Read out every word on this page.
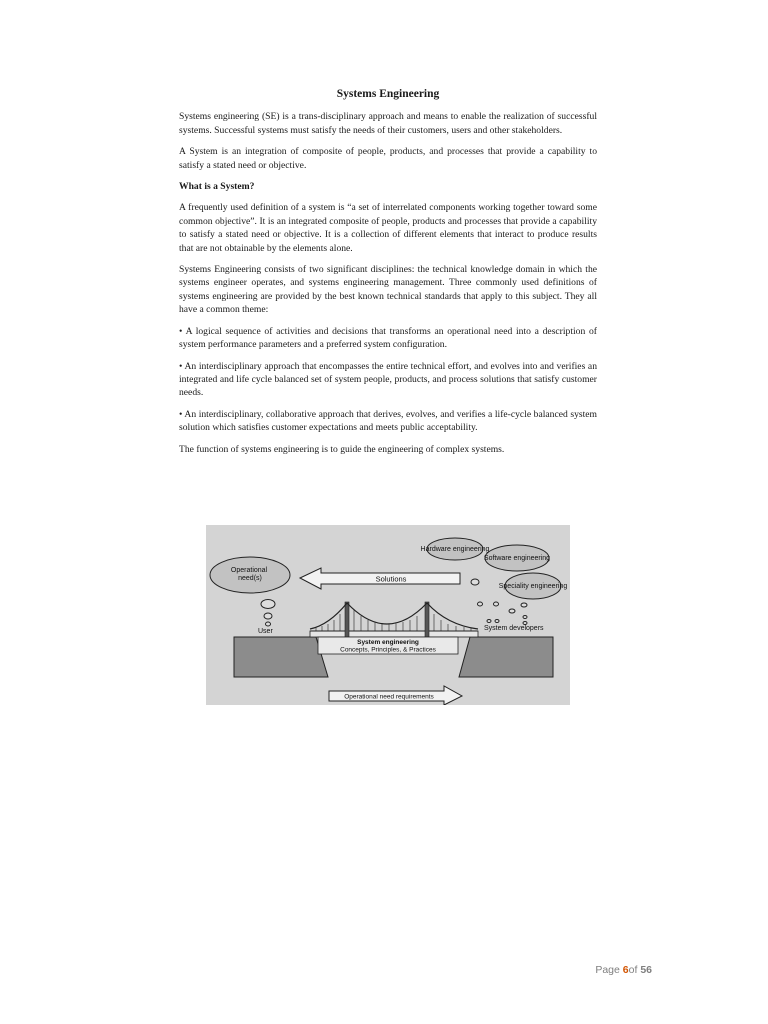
Systems Engineering

Systems engineering (SE) is a trans-disciplinary approach and means to enable the realization of successful systems. Successful systems must satisfy the needs of their customers, users and other stakeholders.

A System is an integration of composite of people, products, and processes that provide a capability to satisfy a stated need or objective.

What is a System?

A frequently used definition of a system is “a set of interrelated components working together toward some common objective”. It is an integrated composite of people, products and processes that provide a capability to satisfy a stated need or objective. It is a collection of different elements that interact to produce results that are not obtainable by the elements alone.

Systems Engineering consists of two significant disciplines: the technical knowledge domain in which the systems engineer operates, and systems engineering management. Three commonly used definitions of systems engineering are provided by the best known technical standards that apply to this subject. They all have a common theme:

• A logical sequence of activities and decisions that transforms an operational need into a description of system performance parameters and a preferred system configuration.

• An interdisciplinary approach that encompasses the entire technical effort, and evolves into and verifies an integrated and life cycle balanced set of system people, products, and process solutions that satisfy customer needs.

• An interdisciplinary, collaborative approach that derives, evolves, and verifies a life-cycle balanced system solution which satisfies customer expectations and meets public acceptability.

The function of systems engineering is to guide the engineering of complex systems.

Operational need(s)	Solutions
Hardware engineering
Software engineering
Speciality engineering
User	System developers
System engineering
Concepts, Principles, & Practices
Operational need requirements
Page 6of 56
